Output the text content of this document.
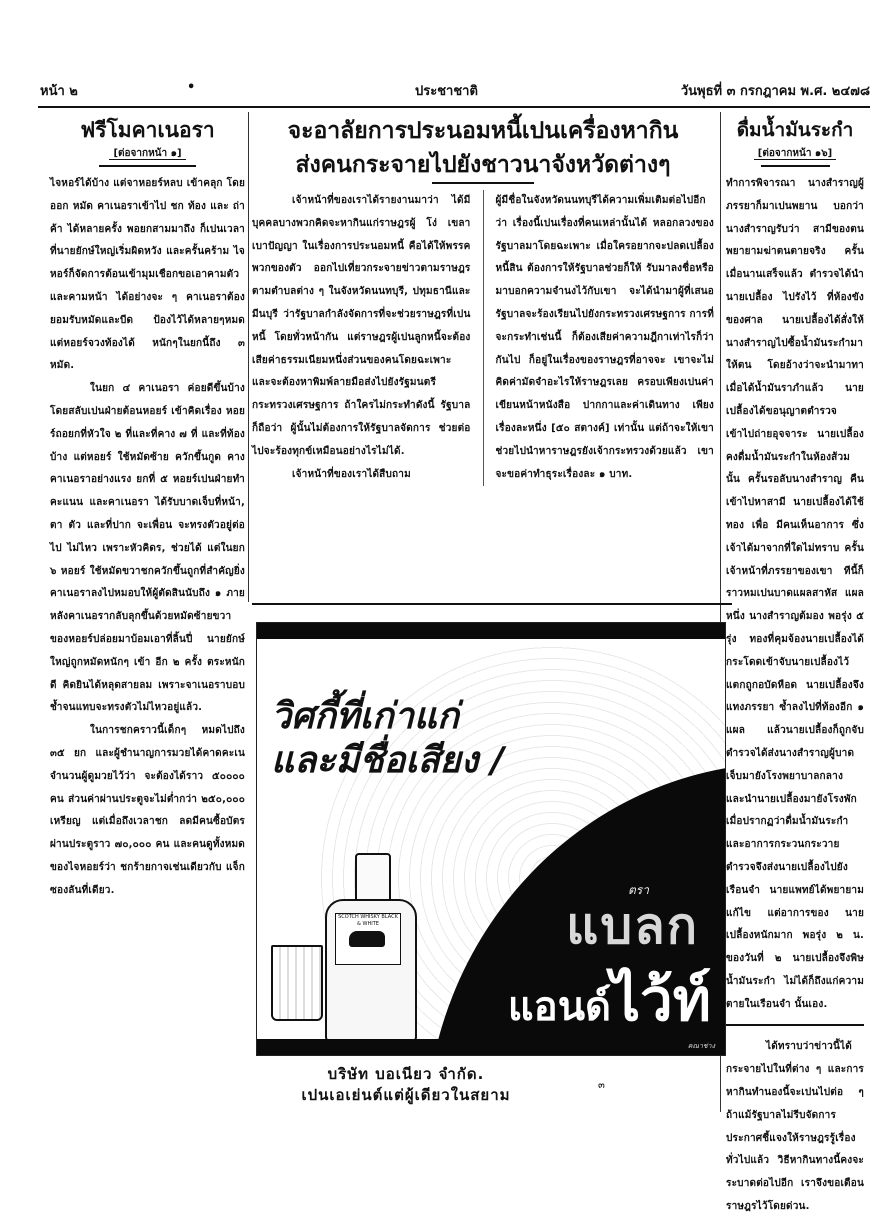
หน้า ๒	•	ประชาชาติ	วันพุธที่ ๓ กรกฎาคม พ.ศ. ๒๔๗๘
ฟรีโมคาเนอรา
[ต่อจากหน้า ๑]

ไจหอร์ได้บ้าง แต่จาหอยร์หลบ เข้าคลุก โดยออก หมัด คาเนอราเข้าไป ชก ท้อง และ ถ่า ค้า ได้หลายครั้ง พอยกสามมาถึง ก็เปนเวลาที่นายยักษ์ใหญ่เริ่มผิดหวัง และครั้นคร้าม ไจหอร์ก็จัดการต้อนเข้ามุมเชือกขอเอาคามตัวและคามหน้า ได้อย่างจะ ๆ คาเนอราต้องยอมรับหมัดและบีด ป้องไว้ได้หลายๆหมด แต่หอยร์จวงท้องได้ หนักๆในยกนี้ถึง ๓ หมัด.

ในยก ๔ คาเนอรา ค่อยดีขึ้นบ้างโดยสลับเปนฝ่ายต้อนหอยร์ เข้าคิดเรื่อง หอยร์ถอยกที่หัวใจ ๒ ที่และที่คาง ๗ ที่ และที่ท้องบ้าง แต่หอยร์ ใช้หมัดซ้าย ควักขึ้นกูด คาง คาเนอราอย่างแรง ยกที่ ๕ หอยร์เปนฝ่ายทำคะแนน และคาเนอรา ได้รับบาดเจ็บที่หน้า, ตา ตัว และที่ปาก จะเพื่อน จะทรงตัวอยู่ต่อไป ไม่ไหว เพราะหัวคิดร, ช่วยได้ แต่ในยก ๖ หอยร์ ใช้หมัดขวาชกควักขึ้นถูกที่สำคัญยิ่ง คาเนอราลงไปหมอบให้ผู้ตัดสินนับถึง ๑ ภายหลังคาเนอรากลับลุกขึ้นด้วยหมัดซ้ายขวาของหอยร์ปล่อยมาบ้อมเอาที่ลิ้นปี่ นายยักษ์ใหญ่ถูกหมัดหนักๆ เข้า อีก ๒ ครั้ง ตระหนักดี คิดยินได้หลุดสายลม เพราะจาเนอราบอบช้ำจนแทบจะทรงตัวไม่ไหวอยู่แล้ว.

ในการชกคราวนี้เด็กๆ หมดไปถึง ๓๕ ยก และผู้ชำนาญการมวยได้คาดคะเนจำนวนผู้ดูมวยไว้ว่า จะต้องได้ราว ๕๐๐๐๐ คน ส่วนค่าผ่านประตูจะไม่ต่ำกว่า ๒๕๐,๐๐๐ เหรียญ แต่เมื่อถึงเวลาชก ลดมีคนซื้อบัตรผ่านประตูราว ๗๐,๐๐๐ คน และคนดูทั้งหมดของไจหอยร์ว่า ชกร้ายกาจเช่นเดียวกับ แจ็ก ซองลันที่เดียว.

จะอาลัยการประนอมหนี้เปนเครื่องหากิน
ส่งคนกระจายไปยังชาวนาจังหวัดต่างๆ

เจ้าหน้าที่ของเราได้รายงานมาว่า ได้มีบุคคลบางพวกคิดจะหากินแก่ราษฎรผู้ โง่ เขลา เบาปัญญา ในเรื่องการประนอมหนี้ คือได้ให้พรรคพวกของตัว ออกไปเที่ยวกระจายข่าวตามราษฎรตามตำบลต่าง ๆ ในจังหวัดนนทบุรี, ปทุมธานีและมีนบุรี ว่ารัฐบาลกำลังจัดการที่จะช่วยราษฎรที่เปนหนี้ โดยทั่วหน้ากัน แต่ราษฎรผู้เปนลูกหนี้จะต้องเสียค่าธรรมเนียมหนึ่งส่วนของคนโดยฉะเพาะ และจะต้องหาพิมพ์ลายมือส่งไปยังรัฐมนตรีกระทรวงเศรษฐการ ถ้าใครไม่กระทำดังนี้ รัฐบาลก็ถือว่า ผู้นั้นไม่ต้องการให้รัฐบาลจัดการ ช่วยต่อไปจะร้องทุกข์เหมือนอย่างไรไม่ได้.

เจ้าหน้าที่ของเราได้สืบถาม

ผู้มีชื่อในจังหวัดนนทบุรีได้ความเพิ่มเติมต่อไปอีกว่า เรื่องนี้เปนเรื่องที่คนเหล่านั้นได้ หลอกลวงของรัฐบาลมาโดยฉะเพาะ เมื่อใครอยากจะปลดเปลื้องหนี้สิน ต้องการให้รัฐบาลช่วยก็ให้ รับมาลงชื่อหรือมาบอกความจำนงไว้กับเขา จะได้นำมาผู้ที่เสนอรัฐบาลจะร้องเรียนไปยังกระทรวงเศรษฐการ การที่จะกระทำเช่นนี้ ก็ต้องเสียค่าความฎีกาเท่าไรก็ว่ากันไป ก็อยู่ในเรื่องของราษฎรที่อาจจะ เขาจะไม่คิดค่ามัดจำอะไรให้ราษฎรเลย ครอบเพียงเปนค่าเขียนหน้าหนังสือ ปากกาและค่าเดินทาง เพียงเรื่องละหนึ่ง [๕๐ สตางค์] เท่านั้น แต่ถ้าจะให้เขาช่วยไปนำหาราษฎรยังเจ้ากระทรวงด้วยแล้ว เขาจะขอค่าทำธุระเรื่องละ ๑ บาท.

ดื่มน้ำมันระกำ
[ต่อจากหน้า ๑๖]

ทำการพิจารณา นางสำราญผู้ภรรยาก็มาเปนพยาน บอกว่านางสำราญรับว่า สามีของตน พยายามฆ่าตนตายจริง ครั้นเมื่อนานเสร็จแล้ว ตำรวจได้นำ นายเปลื้อง ไปรังไว้ ที่ห้องขังของศาล นายเปลื้องได้สั่งให้นางสำราญไปซื้อน้ำมันระกำมาให้ตน โดยอ้างว่าจะนำมาทาเมื่อได้น้ำมันราภำแล้ว นายเปลื้องได้ขอนุญาตตำรวจเข้าไปถ่ายอุจจาระ นายเปลื้อง คงดื่มน้ำมันระกำในห้องส้วมนั้น ครั้นรอลับนางสำราญ คืนเข้าไปหาสามี นายเปลื้องได้ใช้ทอง เพื่อ มีคนเห็นอาการ ซึ่งเจ้าได้มาจากที่ใดไม่ทราบ ครั้นเจ้าหน้าที่ภรรยาของเขา ทีนี้ก็ราวหมเปนบาดแผลสาหัส แผลหนึ่ง นางสำราญต้มอง พอรุ่ง ๕ รุ่ง ทองที่คุมจ้องนายเปลื้องได้ กระโดดเข้าจับนายเปลื้องไว้ แตกถูกอบัดหือด นายเปลื้องจึงแทงภรรยา ซ้ำลงไปที่ท้องอีก ๑ แผล แล้วนายเปลื้องก็ถูกจับ ตำรวจได้ส่งนางสำราญผู้บาดเจ็บมายังโรงพยาบาลกลาง และนำนายเปลื้องมายังโรงพัก เมื่อปรากฏว่าดื่มน้ำมันระกำ และอาการกระวนกระวาย ตำรวจจึงส่งนายเปลื้องไปยังเรือนจำ นายแพทย์ได้พยายามแก้ไข แต่อาการของ นายเปลื้องหนักมาก พอรุ่ง ๒ น. ของวันที่ ๒ นายเปลื้องจึงพิษน้ำมันระกำ ไม่ได้ก็ถึงแก่ความ ตายในเรือนจำ นั้นเอง.

ได้ทราบว่าข่าวนี้ได้กระจายไปในที่ต่าง ๆ และการหากินทำนองนี้จะเปนไปต่อ ๆ ถ้าแม้รัฐบาลไม่รีบจัดการประกาศชี้แจงให้ราษฎรรู้เรื่องทั่วไปแล้ว วิธีหากินทางนี้คงจะระบาดต่อไปอีก เราจึงขอเตือนราษฎรไว้โดยด่วน.

วิศกี้ที่เก่าแก่
และมีชื่อเสียง /
SCOTCH WHISKY BLACK & WHITE
ตรา
แบลก
แอนด์ไว้ท์
คณาช่าง
บริษัท บอเนียว จำกัด.
เปนเอเย่นต์แต่ผู้เดียวในสยาม
๓
